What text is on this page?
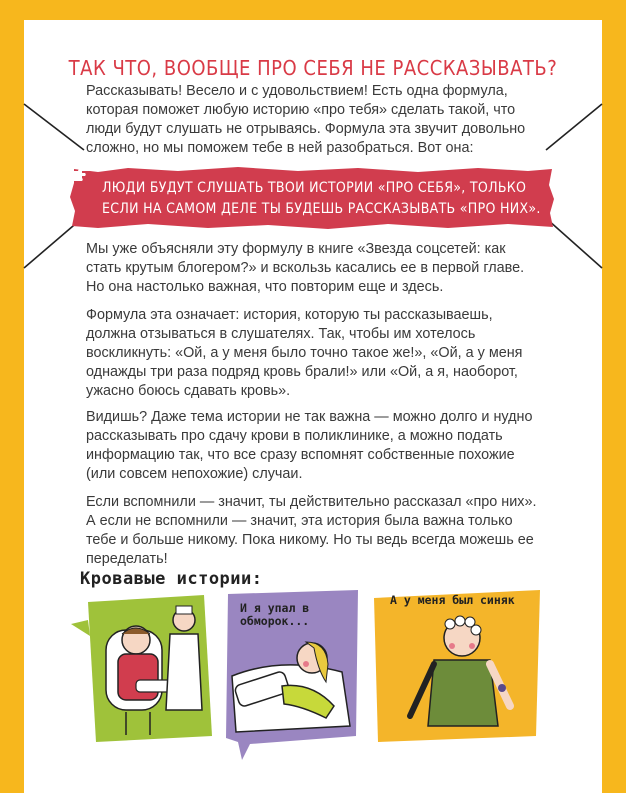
ТАК ЧТО, ВООБЩЕ ПРО СЕБЯ НЕ РАССКАЗЫВАТЬ?

Рассказывать! Весело и с удовольствием! Есть одна формула, которая поможет любую историю «про тебя» сделать такой, что люди будут слушать не отрываясь. Формула эта звучит довольно сложно, но мы поможем тебе в ней разобраться. Вот она:

ЛЮДИ БУДУТ СЛУШАТЬ ТВОИ ИСТОРИИ «ПРО СЕБЯ», ТОЛЬКО ЕСЛИ НА САМОМ ДЕЛЕ ТЫ БУДЕШЬ РАССКАЗЫВАТЬ «ПРО НИХ».

Мы уже объясняли эту формулу в книге «Звезда соцсетей: как стать крутым блогером?» и вскользь касались ее в первой главе. Но она настолько важная, что повторим еще и здесь.

Формула эта означает: история, которую ты рассказываешь, должна отзываться в слушателях. Так, чтобы им хотелось воскликнуть: «Ой, а у меня было точно такое же!», «Ой, а у меня однажды три раза подряд кровь брали!» или «Ой, а я, наоборот, ужасно боюсь сдавать кровь».

Видишь? Даже тема истории не так важна — можно долго и нудно рассказывать про сдачу крови в поликлинике, а можно подать информацию так, что все сразу вспомнят собственные похожие (или совсем непохожие) случаи.

Если вспомнили — значит, ты действительно рассказал «про них». А если не вспомнили — значит, эта история была важна только тебе и больше никому. Пока никому. Но ты ведь всегда можешь ее переделать!

Кровавые истории:

И я упал в обморок...
А у меня был синяк
